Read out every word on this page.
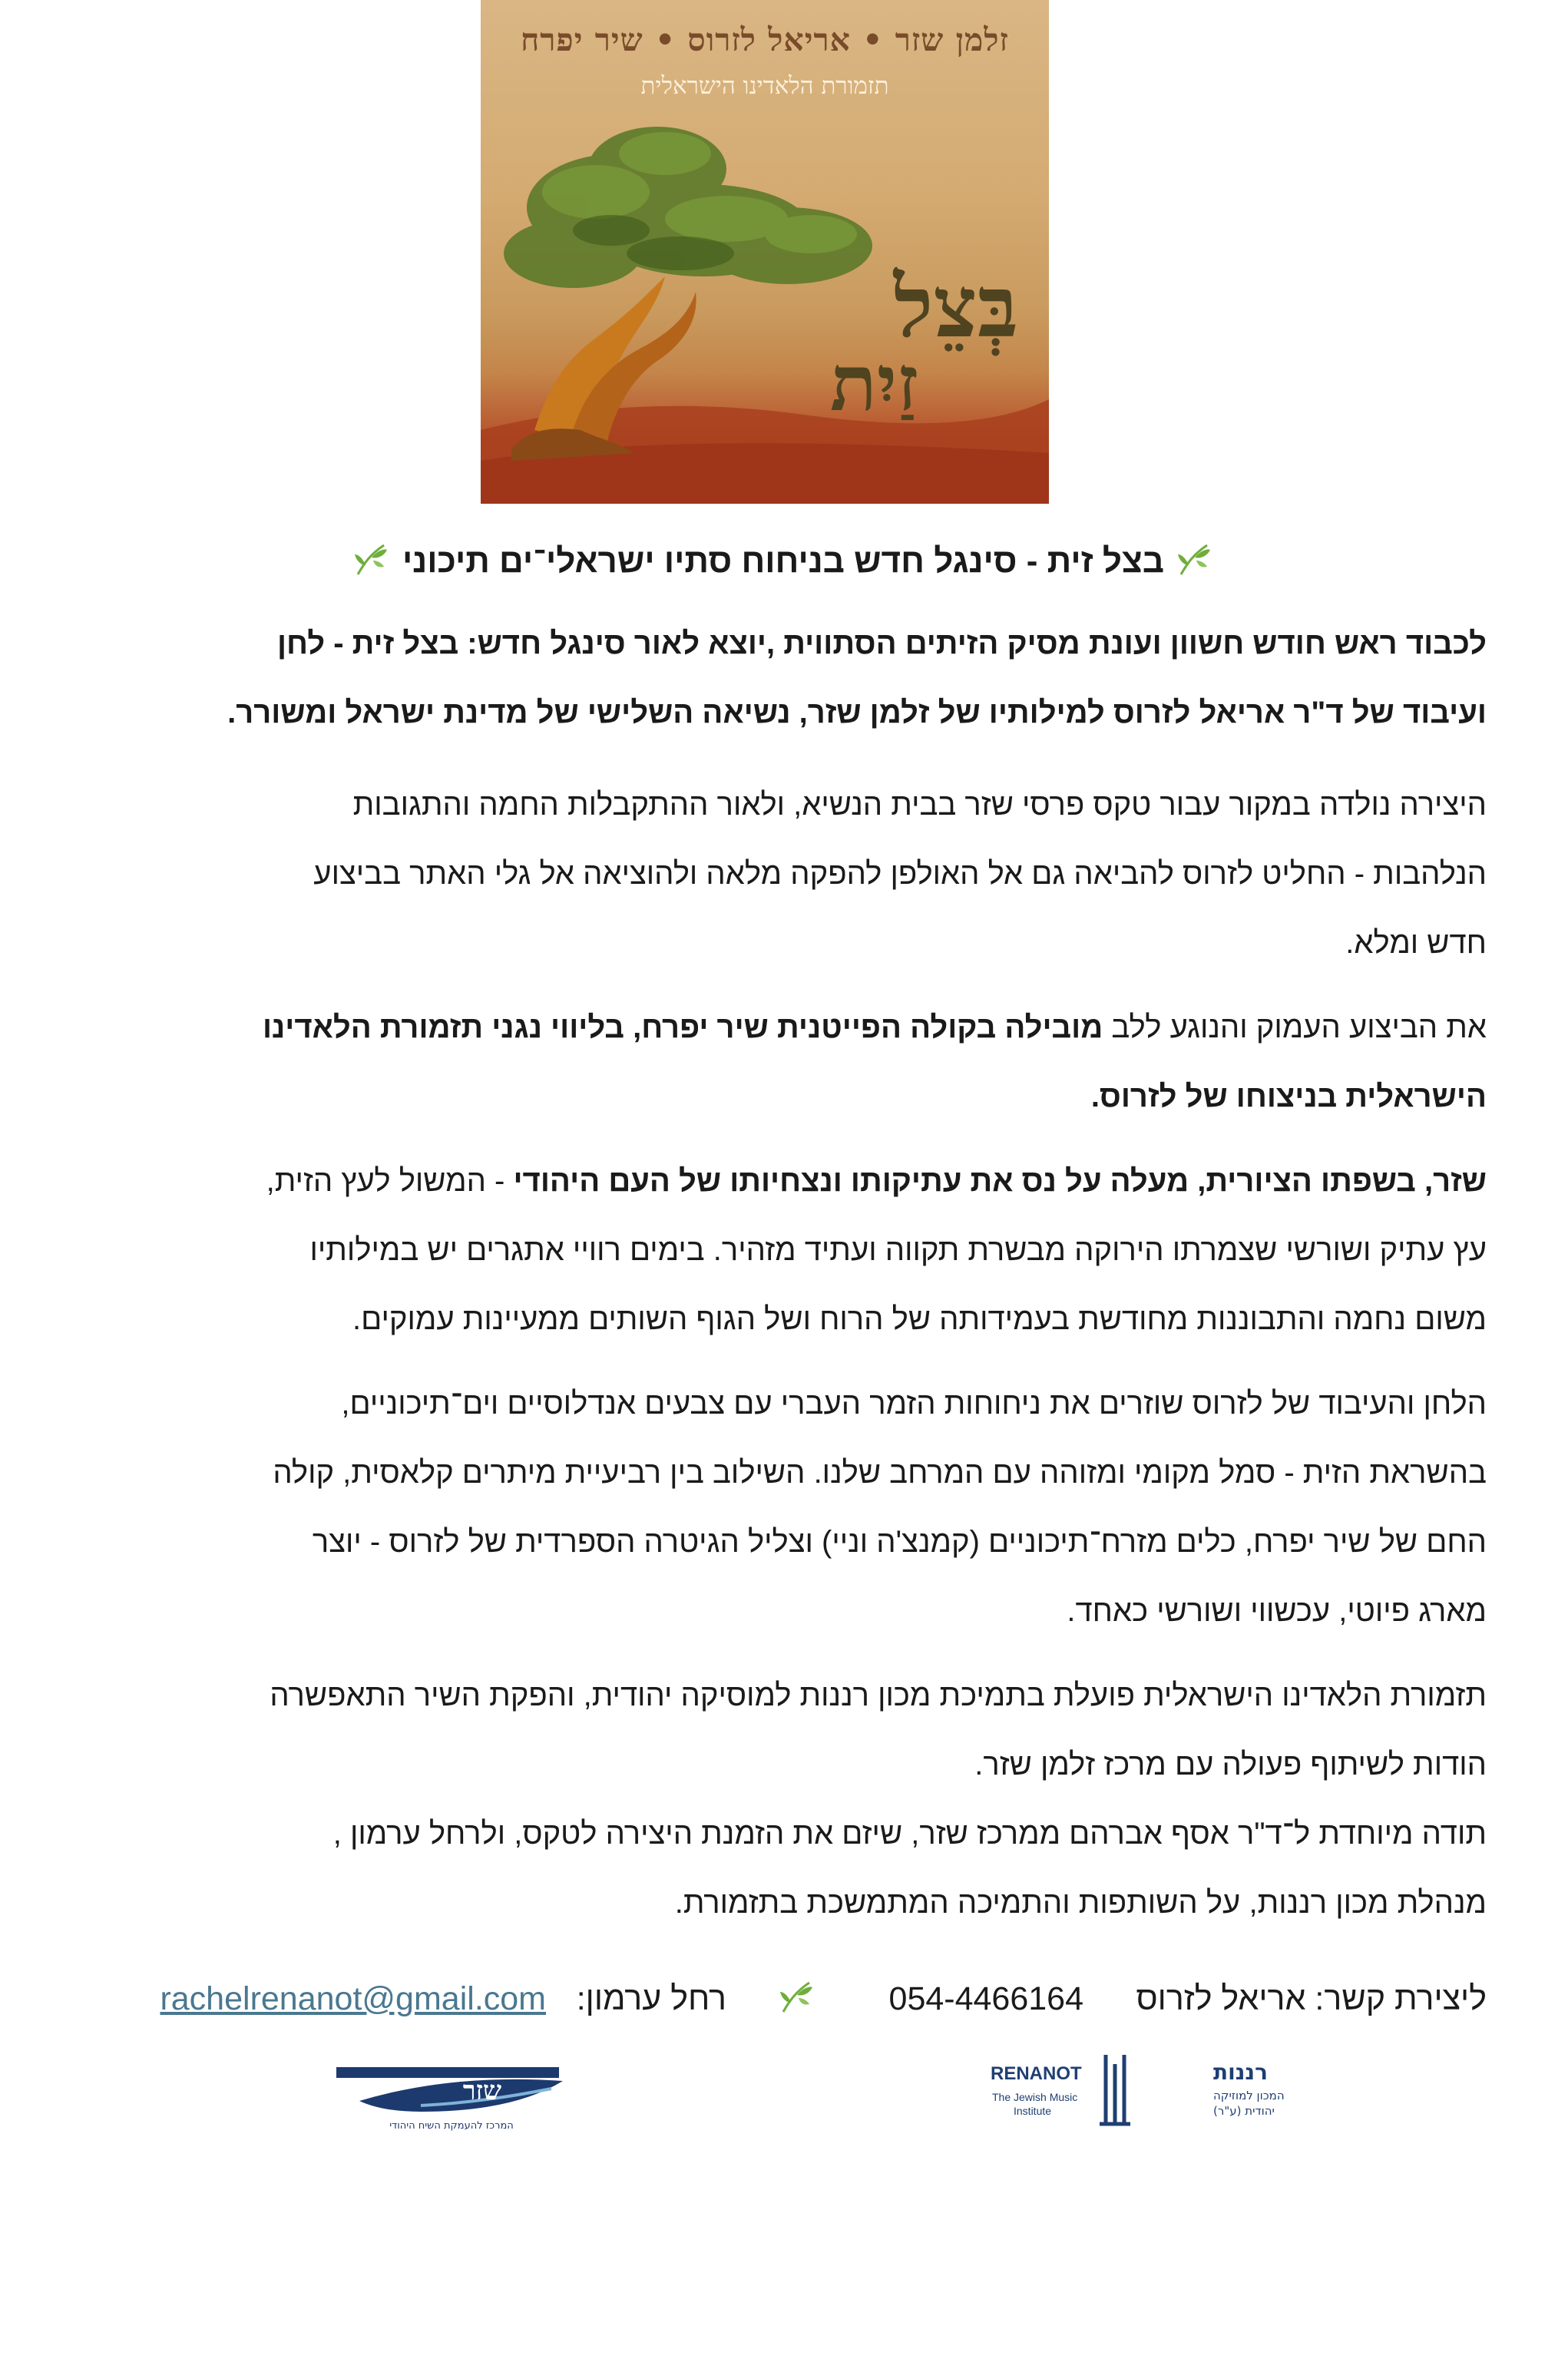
זלמן שזר • אריאל לזרוס • שיר יפרח
תזמורת הלאדינו הישראלית
בְּצֵל
זַיִת
בצל זית - סינגל חדש בניחוח סתיו ישראלי־ים תיכוני
לכבוד ראש חודש חשוון ועונת מסיק הזיתים הסתווית ,יוצא לאור סינגל חדש: בצל זית - לחן
ועיבוד של ד"ר אריאל לזרוס למילותיו של זלמן שזר, נשיאה השלישי של מדינת ישראל ומשורר.
היצירה נולדה במקור עבור טקס פרסי שזר בבית הנשיא, ולאור ההתקבלות החמה והתגובות
הנלהבות - החליט לזרוס להביאה גם אל האולפן להפקה מלאה ולהוציאה אל גלי האתר בביצוע
חדש ומלא.
את הביצוע העמוק והנוגע ללב מובילה בקולה הפייטנית שיר יפרח, בליווי נגני תזמורת הלאדינו
הישראלית בניצוחו של לזרוס.
שזר, בשפתו הציורית, מעלה על נס את עתיקותו ונצחיותו של העם היהודי - המשול לעץ הזית,
עץ עתיק ושורשי שצמרתו הירוקה מבשרת תקווה ועתיד מזהיר. בימים רוויי אתגרים יש במילותיו
משום נחמה והתבוננות מחודשת בעמידותה של הרוח ושל הגוף השותים ממעיינות עמוקים.
הלחן והעיבוד של לזרוס שוזרים את ניחוחות הזמר העברי עם צבעים אנדלוסיים וים־תיכוניים,
בהשראת הזית - סמל מקומי ומזוהה עם המרחב שלנו. השילוב בין רביעיית מיתרים קלאסית, קולה
החם של שיר יפרח, כלים מזרח־תיכוניים (קמנצ'ה וניי) וצליל הגיטרה הספרדית של לזרוס - יוצר
מארג פיוטי, עכשווי ושורשי כאחד.
תזמורת הלאדינו הישראלית פועלת בתמיכת מכון רננות למוסיקה יהודית, והפקת השיר התאפשרה
הודות לשיתוף פעולה עם מרכז זלמן שזר.
תודה מיוחדת ל־ד"ר אסף אברהם ממרכז שזר, שיזם את הזמנת היצירה לטקס, ולרחל ערמון ,
מנהלת מכון רננות, על השותפות והתמיכה המתמשכת בתזמורת.
ליצירת קשר: אריאל לזרוס
054-4466164
רחל ערמון:
rachelrenanot@gmail.com
RENANOT
The Jewish Music
Institute
רננות
המכון למוזיקה
יהודית (ע"ר)
שזר
המרכז להעמקת השיח היהודי
